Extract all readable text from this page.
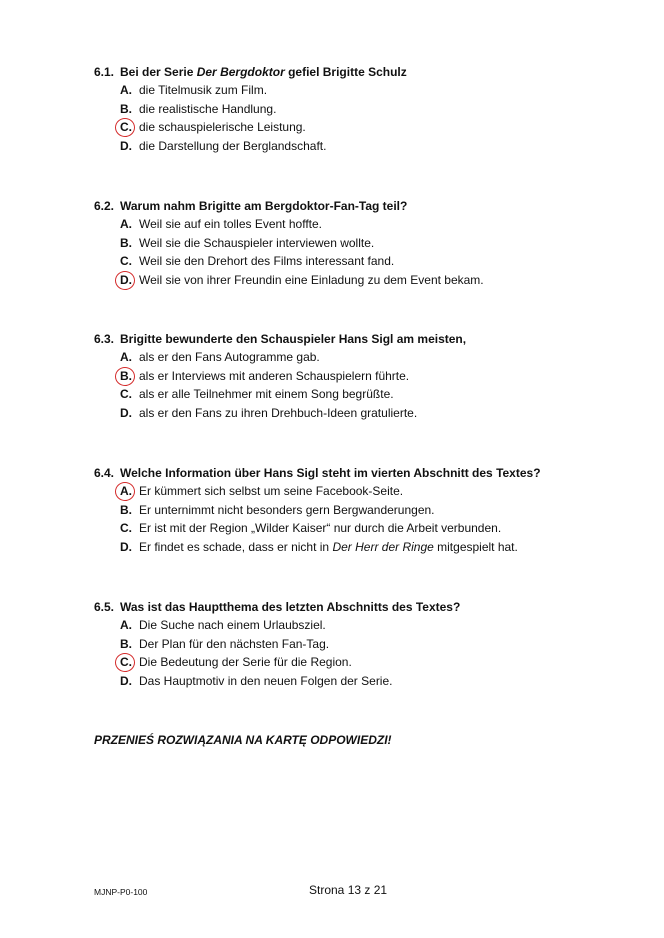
6.1. Bei der Serie Der Bergdoktor gefiel Brigitte Schulz
A. die Titelmusik zum Film.
B. die realistische Handlung.
C. die schauspielerische Leistung.
D. die Darstellung der Berglandschaft.
6.2. Warum nahm Brigitte am Bergdoktor-Fan-Tag teil?
A. Weil sie auf ein tolles Event hoffte.
B. Weil sie die Schauspieler interviewen wollte.
C. Weil sie den Drehort des Films interessant fand.
D. Weil sie von ihrer Freundin eine Einladung zu dem Event bekam.
6.3. Brigitte bewunderte den Schauspieler Hans Sigl am meisten,
A. als er den Fans Autogramme gab.
B. als er Interviews mit anderen Schauspielern führte.
C. als er alle Teilnehmer mit einem Song begrüßte.
D. als er den Fans zu ihren Drehbuch-Ideen gratulierte.
6.4. Welche Information über Hans Sigl steht im vierten Abschnitt des Textes?
A. Er kümmert sich selbst um seine Facebook-Seite.
B. Er unternimmt nicht besonders gern Bergwanderungen.
C. Er ist mit der Region „Wilder Kaiser“ nur durch die Arbeit verbunden.
D. Er findet es schade, dass er nicht in Der Herr der Ringe mitgespielt hat.
6.5. Was ist das Hauptthema des letzten Abschnitts des Textes?
A. Die Suche nach einem Urlaubsziel.
B. Der Plan für den nächsten Fan-Tag.
C. Die Bedeutung der Serie für die Region.
D. Das Hauptmotiv in den neuen Folgen der Serie.
PRZENIEŚ ROZWIĄZANIA NA KARTĘ ODPOWIEDZI!
MJNP-P0-100	Strona 13 z 21
